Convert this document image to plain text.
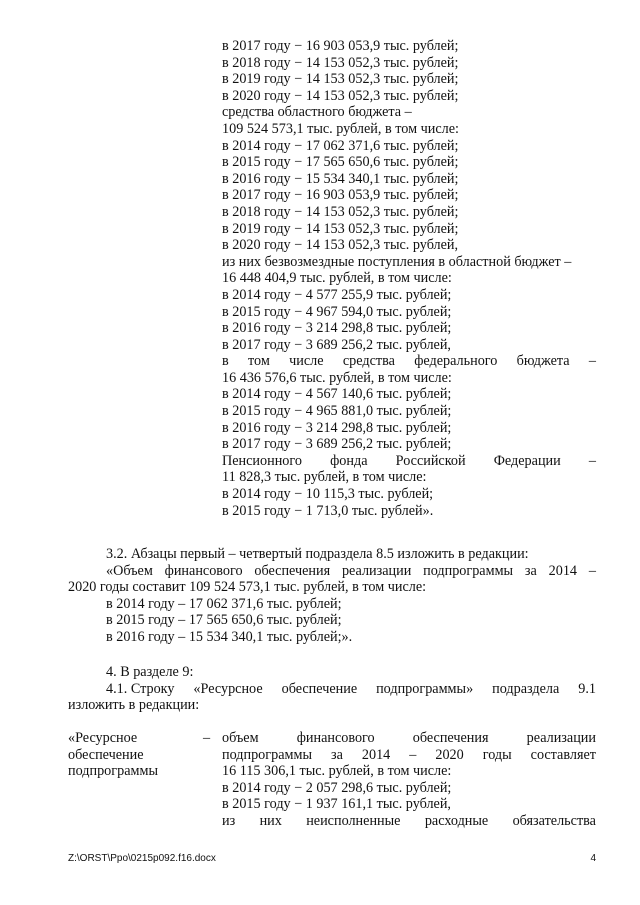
в 2017 году − 16 903 053,9 тыс. рублей;
в 2018 году − 14 153 052,3 тыс. рублей;
в 2019 году − 14 153 052,3 тыс. рублей;
в 2020 году − 14 153 052,3 тыс. рублей;
средства областного бюджета –
109 524 573,1 тыс. рублей, в том числе:
в 2014 году − 17 062 371,6 тыс. рублей;
в 2015 году − 17 565 650,6 тыс. рублей;
в 2016 году − 15 534 340,1 тыс. рублей;
в 2017 году − 16 903 053,9 тыс. рублей;
в 2018 году − 14 153 052,3 тыс. рублей;
в 2019 году − 14 153 052,3 тыс. рублей;
в 2020 году − 14 153 052,3 тыс. рублей,
из них безвозмездные поступления в областной бюджет –
16 448 404,9 тыс. рублей, в том числе:
в 2014 году − 4 577 255,9 тыс. рублей;
в 2015 году − 4 967 594,0 тыс. рублей;
в 2016 году − 3 214 298,8 тыс. рублей;
в 2017 году − 3 689 256,2 тыс. рублей,
в том числе средства федерального бюджета –
16 436 576,6 тыс. рублей, в том числе:
в 2014 году − 4 567 140,6 тыс. рублей;
в 2015 году − 4 965 881,0 тыс. рублей;
в 2016 году − 3 214 298,8 тыс. рублей;
в 2017 году − 3 689 256,2 тыс. рублей;
Пенсионного фонда Российской Федерации –
11 828,3 тыс. рублей, в том числе:
в 2014 году − 10 115,3 тыс. рублей;
в 2015 году − 1 713,0 тыс. рублей».
3.2. Абзацы первый – четвертый подраздела 8.5 изложить в редакции:
«Объем финансового обеспечения реализации подпрограммы за 2014 –
2020 годы составит 109 524 573,1 тыс. рублей, в том числе:
в 2014 году – 17 062 371,6 тыс. рублей;
в 2015 году – 17 565 650,6 тыс. рублей;
в 2016 году – 15 534 340,1 тыс. рублей;».
4. В разделе 9:
4.1. Строку «Ресурсное обеспечение подпрограммы» подраздела 9.1
изложить в редакции:
«Ресурсное
обеспечение
подпрограммы
– объем	финансового	обеспечения	реализации
подпрограммы за 2014 – 2020 годы составляет
16 115 306,1 тыс. рублей, в том числе:
в 2014 году − 2 057 298,6 тыс. рублей;
в 2015 году − 1 937 161,1 тыс. рублей,
из них неисполненные расходные обязательства
Z:\ORST\Ppo\0215p092.f16.docx	4
